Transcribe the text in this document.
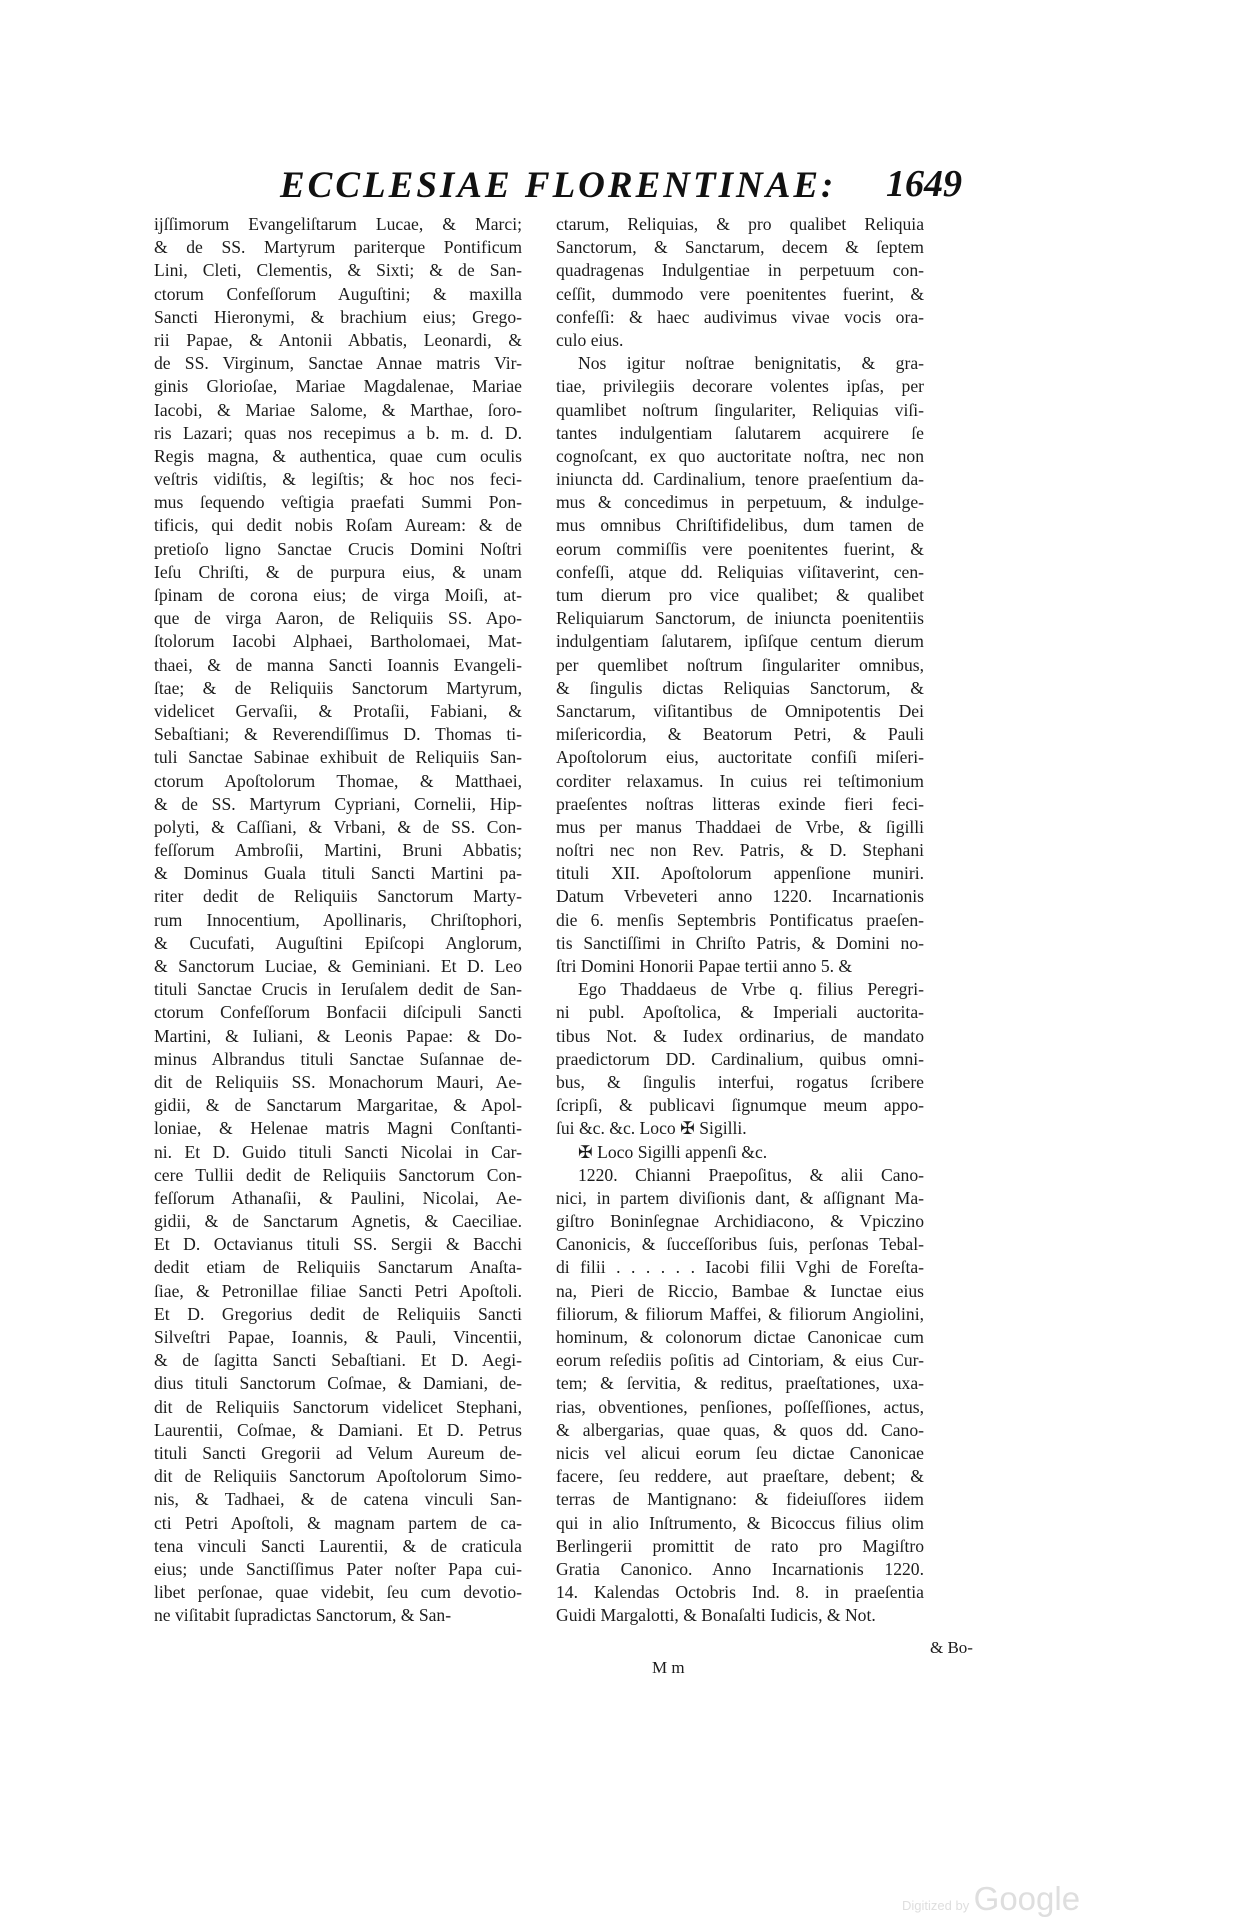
ECCLESIAE FLORENTINAE: 1649
ĳſſimorum Evangeliſtarum Lucae, & Marci;
& de SS. Martyrum pariterque Pontificum
Lini, Cleti, Clementis, & Sixti; & de San-
ctorum Confeſſorum Auguſtini; & maxilla
Sancti Hieronymi, & brachium eius; Grego-
rii Papae, & Antonii Abbatis, Leonardi, &
de SS. Virginum, Sanctae Annae matris Vir-
ginis Glorioſae, Mariae Magdalenae, Mariae
Iacobi, & Mariae Salome, & Marthae, ſoro-
ris Lazari; quas nos recepimus a b. m. d. D.
Regis magna, & authentica, quae cum oculis
veſtris vidiſtis, & legiſtis; & hoc nos feci-
mus ſequendo veſtigia praefati Summi Pon-
tificis, qui dedit nobis Roſam Auream: & de
pretioſo ligno Sanctae Crucis Domini Noſtri
Ieſu Chriſti, & de purpura eius, & unam
ſpinam de corona eius; de virga Moiſi, at-
que de virga Aaron, de Reliquiis SS. Apo-
ſtolorum Iacobi Alphaei, Bartholomaei, Mat-
thaei, & de manna Sancti Ioannis Evangeli-
ſtae; & de Reliquiis Sanctorum Martyrum,
videlicet Gervaſii, & Protaſii, Fabiani, &
Sebaſtiani; & Reverendiſſimus D. Thomas ti-
tuli Sanctae Sabinae exhibuit de Reliquiis San-
ctorum Apoſtolorum Thomae, & Matthaei,
& de SS. Martyrum Cypriani, Cornelii, Hip-
polyti, & Caſſiani, & Vrbani, & de SS. Con-
feſſorum Ambroſii, Martini, Bruni Abbatis;
& Dominus Guala tituli Sancti Martini pa-
riter dedit de Reliquiis Sanctorum Marty-
rum Innocentium, Apollinaris, Chriſtophori,
& Cucufati, Auguſtini Epiſcopi Anglorum,
& Sanctorum Luciae, & Geminiani. Et D. Leo
tituli Sanctae Crucis in Ieruſalem dedit de San-
ctorum Confeſſorum Bonfacii diſcipuli Sancti
Martini, & Iuliani, & Leonis Papae: & Do-
minus Albrandus tituli Sanctae Suſannae de-
dit de Reliquiis SS. Monachorum Mauri, Ae-
gidii, & de Sanctarum Margaritae, & Apol-
loniae, & Helenae matris Magni Conſtanti-
ni. Et D. Guido tituli Sancti Nicolai in Car-
cere Tullii dedit de Reliquiis Sanctorum Con-
feſſorum Athanaſii, & Paulini, Nicolai, Ae-
gidii, & de Sanctarum Agnetis, & Caeciliae.
Et D. Octavianus tituli SS. Sergii & Bacchi
dedit etiam de Reliquiis Sanctarum Anaſta-
ſiae, & Petronillae filiae Sancti Petri Apoſtoli.
Et D. Gregorius dedit de Reliquiis Sancti
Silveſtri Papae, Ioannis, & Pauli, Vincentii,
& de ſagitta Sancti Sebaſtiani. Et D. Aegi-
dius tituli Sanctorum Coſmae, & Damiani, de-
dit de Reliquiis Sanctorum videlicet Stephani,
Laurentii, Coſmae, & Damiani. Et D. Petrus
tituli Sancti Gregorii ad Velum Aureum de-
dit de Reliquiis Sanctorum Apoſtolorum Simo-
nis, & Tadhaei, & de catena vinculi San-
cti Petri Apoſtoli, & magnam partem de ca-
tena vinculi Sancti Laurentii, & de craticula
eius; unde Sanctiſſimus Pater noſter Papa cui-
libet perſonae, quae videbit, ſeu cum devotio-
ne viſitabit ſupradictas Sanctorum, & San-
ctarum, Reliquias, & pro qualibet Reliquia
Sanctorum, & Sanctarum, decem & ſeptem
quadragenas Indulgentiae in perpetuum con-
ceſſit, dummodo vere poenitentes fuerint, &
confeſſi: & haec audivimus vivae vocis ora-
culo eius.
Nos igitur noſtrae benignitatis, & gra-
tiae, privilegiis decorare volentes ipſas, per
quamlibet noſtrum ſingulariter, Reliquias viſi-
tantes indulgentiam ſalutarem acquirere ſe
cognoſcant, ex quo auctoritate noſtra, nec non
iniuncta dd. Cardinalium, tenore praeſentium da-
mus & concedimus in perpetuum, & indulge-
mus omnibus Chriſtifidelibus, dum tamen de
eorum commiſſis vere poenitentes fuerint, &
confeſſi, atque dd. Reliquias viſitaverint, cen-
tum dierum pro vice qualibet; & qualibet
Reliquiarum Sanctorum, de iniuncta poenitentiis
indulgentiam ſalutarem, ipſiſque centum dierum
per quemlibet noſtrum ſingulariter omnibus,
& ſingulis dictas Reliquias Sanctorum, &
Sanctarum, viſitantibus de Omnipotentis Dei
miſericordia, & Beatorum Petri, & Pauli
Apoſtolorum eius, auctoritate confiſi miſeri-
corditer relaxamus. In cuius rei teſtimonium
praeſentes noſtras litteras exinde fieri feci-
mus per manus Thaddaei de Vrbe, & ſigilli
noſtri nec non Rev. Patris, & D. Stephani
tituli XII. Apoſtolorum appenſione muniri.
Datum Vrbeveteri anno 1220. Incarnationis
die 6. menſis Septembris Pontificatus praeſen-
tis Sanctiſſimi in Chriſto Patris, & Domini no-
ſtri Domini Honorii Papae tertii anno 5. &
Ego Thaddaeus de Vrbe q. filius Peregri-
ni publ. Apoſtolica, & Imperiali auctorita-
tibus Not. & Iudex ordinarius, de mandato
praedictorum DD. Cardinalium, quibus omni-
bus, & ſingulis interfui, rogatus ſcribere
ſcripſi, & publicavi ſignumque meum appo-
ſui &c. &c. Loco ✠ Sigilli.
✠ Loco Sigilli appenſi &c.
1220. Chianni Praepoſitus, & alii Cano-
nici, in partem diviſionis dant, & aſſignant Ma-
giſtro Boninſegnae Archidiacono, & Vpiczino
Canonicis, & ſucceſſoribus ſuis, perſonas Tebal-
di filii . . . . . . Iacobi filii Vghi de Foreſta-
na, Pieri de Riccio, Bambae & Iunctae eius
filiorum, & filiorum Maffei, & filiorum Angiolini,
hominum, & colonorum dictae Canonicae cum
eorum reſediis poſitis ad Cintoriam, & eius Cur-
tem; & ſervitia, & reditus, praeſtationes, uxa-
rias, obventiones, penſiones, poſſeſſiones, actus,
& albergarias, quae quas, & quos dd. Cano-
nicis vel alicui eorum ſeu dictae Canonicae
facere, ſeu reddere, aut praeſtare, debent; &
terras de Mantignano: & fideiuſſores iidem
qui in alio Inſtrumento, & Bicoccus filius olim
Berlingerii promittit de rato pro Magiſtro
Gratia Canonico. Anno Incarnationis 1220.
14. Kalendas Octobris Ind. 8. in praeſentia
Guidi Margalotti, & Bonaſalti Iudicis, & Not.
M m
& Bo-
Digitized by Google
